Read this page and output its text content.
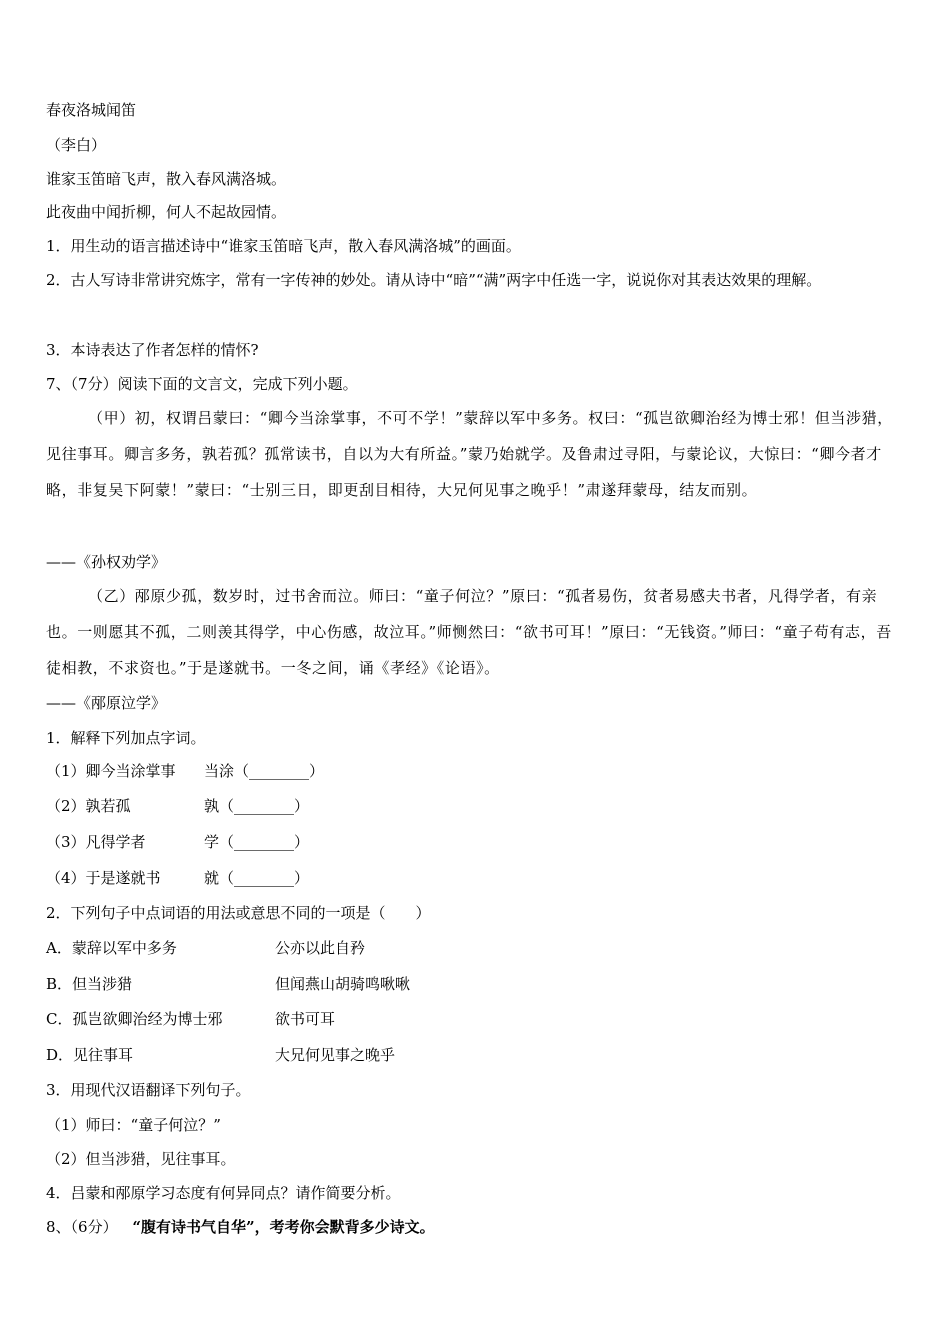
春夜洛城闻笛
（李白）
谁家玉笛暗飞声，散入春风满洛城。
此夜曲中闻折柳，何人不起故园情。
1．用生动的语言描述诗中“谁家玉笛暗飞声，散入春风满洛城”的画面。
2．古人写诗非常讲究炼字，常有一字传神的妙处。请从诗中“暗”“满”两字中任选一字，说说你对其表达效果的理解。
3．本诗表达了作者怎样的情怀?
7、（7分）阅读下面的文言文，完成下列小题。
（甲）初，权谓吕蒙曰：“卿今当涂掌事，不可不学！”蒙辞以军中多务。权曰：“孤岂欲卿治经为博士邪！但当涉猎，见往事耳。卿言多务，孰若孤？孤常读书，自以为大有所益。”蒙乃始就学。及鲁肃过寻阳，与蒙论议，大惊曰：“卿今者才略，非复吴下阿蒙！”蒙曰：“士别三日，即更刮目相待，大兄何见事之晚乎！”肃遂拜蒙母，结友而别。
——《孙权劝学》
（乙）邴原少孤，数岁时，过书舍而泣。师曰：“童子何泣？”原曰：“孤者易伤，贫者易感夫书者，凡得学者，有亲也。一则愿其不孤，二则羡其得学，中心伤感，故泣耳。”师恻然曰：“欲书可耳！”原曰：“无钱资。”师曰：“童子苟有志，吾徒相教，不求资也。”于是遂就书。一冬之间，诵《孝经》《论语》。
——《邴原泣学》
1．解释下列加点字词。
（1）卿今当涂掌事 当涂（________）
（2）孰若孤	孰（________）
（3）凡得学者	学（________）
（4）于是遂就书	就（________）
2．下列句子中点词语的用法或意思不同的一项是（　　）
A．蒙辞以军中多务	公亦以此自矜
B．但当涉猎	但闻燕山胡骑鸣啾啾
C．孤岂欲卿治经为博士邪	欲书可耳
D．见往事耳	大兄何见事之晚乎
3．用现代汉语翻译下列句子。
（1）师曰：“童子何泣？”
（2）但当涉猎，见往事耳。
4．吕蒙和邴原学习态度有何异同点？请作简要分析。
8、（6分） “腹有诗书气自华”，考考你会默背多少诗文。
